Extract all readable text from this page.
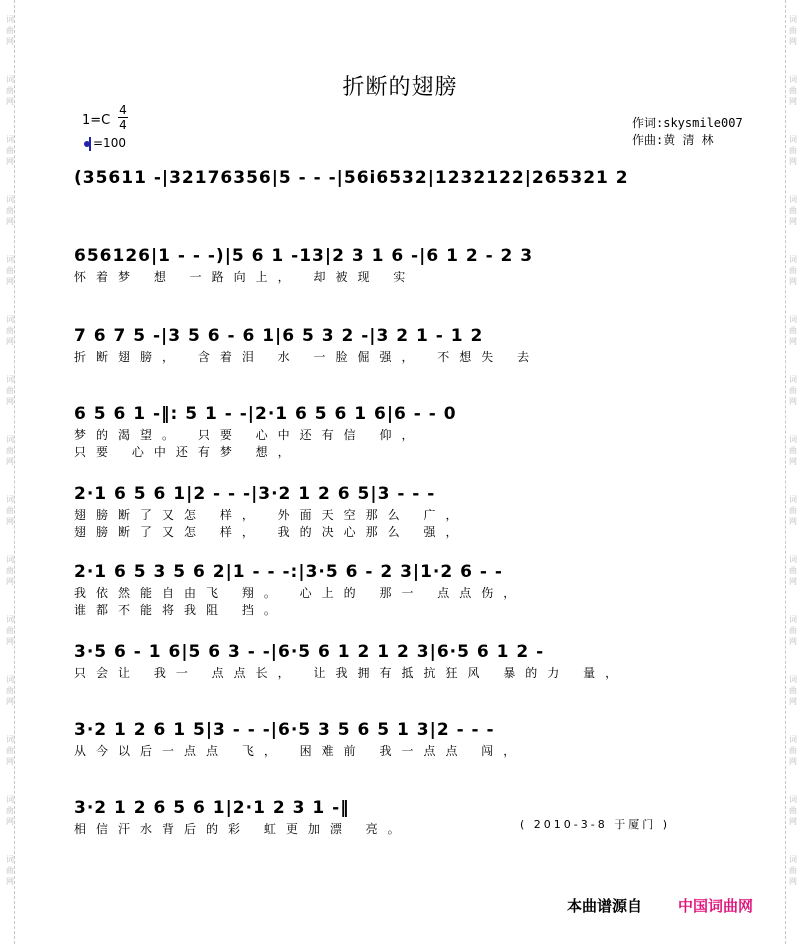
词
曲
网
词
曲
网
词
曲
网
词
曲
网
词
曲
网
词
曲
网
词
曲
网
词
曲
网
词
曲
网
词
曲
网
词
曲
网
词
曲
网
词
曲
网
词
曲
网
词
曲
网
词
曲
网
词
曲
网
词
曲
网
词
曲
网
词
曲
网
词
曲
网
词
曲
网
词
曲
网
词
曲
网
词
曲
网
词
曲
网
词
曲
网
词
曲
网
词
曲
网
词
曲
网
折断的翅膀
作词:skysmile007
作曲:黄 清 林
1=C
4
4
=100
(35611 -|32176356|5 - - -|56i6532|1232122|265321 2
656126|1 - - -)|5 6 1 -13|2 3 1 6 -|6 1 2 - 2 3
怀着梦 想 一路向上， 却被现 实
7 6 7 5 -|3 5 6 - 6 1|6 5 3 2 -|3 2 1 - 1 2
折断翅膀， 含着泪 水 一脸倔强， 不想失 去
6 5 6 1 -‖: 5 1 - -|2·1 6 5 6 1 6|6 - - 0
梦的渴望。 只要 心中还有信 仰，
只要 心中还有梦 想，
2·1 6 5 6 1|2 - - -|3·2 1 2 6 5|3 - - -
翅膀断了又怎 样， 外面天空那么 广，
翅膀断了又怎 样， 我的决心那么 强，
2·1 6 5 3 5 6 2|1 - - -:|3·5 6 - 2 3|1·2 6 - -
我依然能自由飞 翔。 心上的 那一 点点伤，
谁都不能将我阻 挡。
3·5 6 - 1 6|5 6 3 - -|6·5 6 1 2 1 2 3|6·5 6 1 2 -
只会让 我一 点点长， 让我拥有抵抗狂风 暴的力 量，
3·2 1 2 6 1 5|3 - - -|6·5 3 5 6 5 1 3|2 - - -
从今以后一点点 飞， 困难前 我一点点 闯，
3·2 1 2 6 5 6 1|2·1 2 3 1 -‖
相信汗水背后的彩 虹更加漂 亮。	( 2010-3-8 于厦门 )
本曲谱源自 中国词曲网
